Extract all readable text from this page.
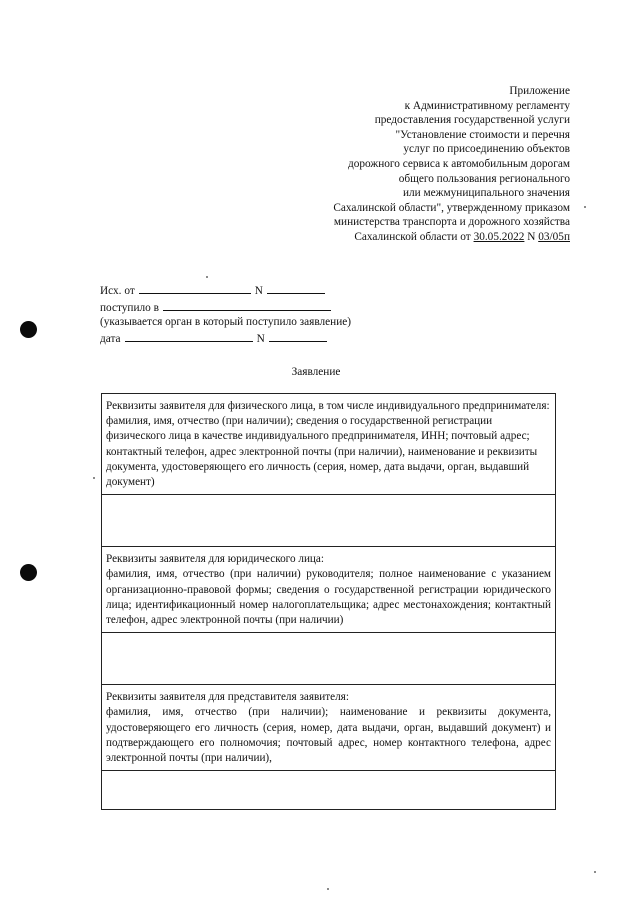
Приложение
к Административному регламенту
предоставления государственной услуги
"Установление стоимости и перечня
услуг по присоединению объектов
дорожного сервиса к автомобильным дорогам
общего пользования регионального
или межмуниципального значения
Сахалинской области", утвержденному приказом
министерства транспорта и дорожного хозяйства
Сахалинской области от 30.05.2022 N 03/05п
Исх. от	N
поступило в
(указывается орган в который поступило заявление)
дата	N
Заявление
Реквизиты заявителя для физического лица, в том числе индивидуального предпринимателя:
фамилия, имя, отчество (при наличии); сведения о государственной регистрации физического лица в качестве индивидуального предпринимателя, ИНН; почтовый адрес; контактный телефон, адрес электронной почты (при наличии), наименование и реквизиты документа, удостоверяющего его личность (серия, номер, дата выдачи, орган, выдавший документ)
Реквизиты заявителя для юридического лица:
фамилия, имя, отчество (при наличии) руководителя; полное наименование с указанием организационно-правовой формы; сведения о государственной регистрации юридического лица; идентификационный номер налогоплательщика; адрес местонахождения; контактный телефон, адрес электронной почты (при наличии)
Реквизиты заявителя для представителя заявителя:
фамилия, имя, отчество (при наличии); наименование и реквизиты документа, удостоверяющего его личность (серия, номер, дата выдачи, орган, выдавший документ) и подтверждающего его полномочия; почтовый адрес, номер контактного телефона, адрес электронной почты (при наличии),
